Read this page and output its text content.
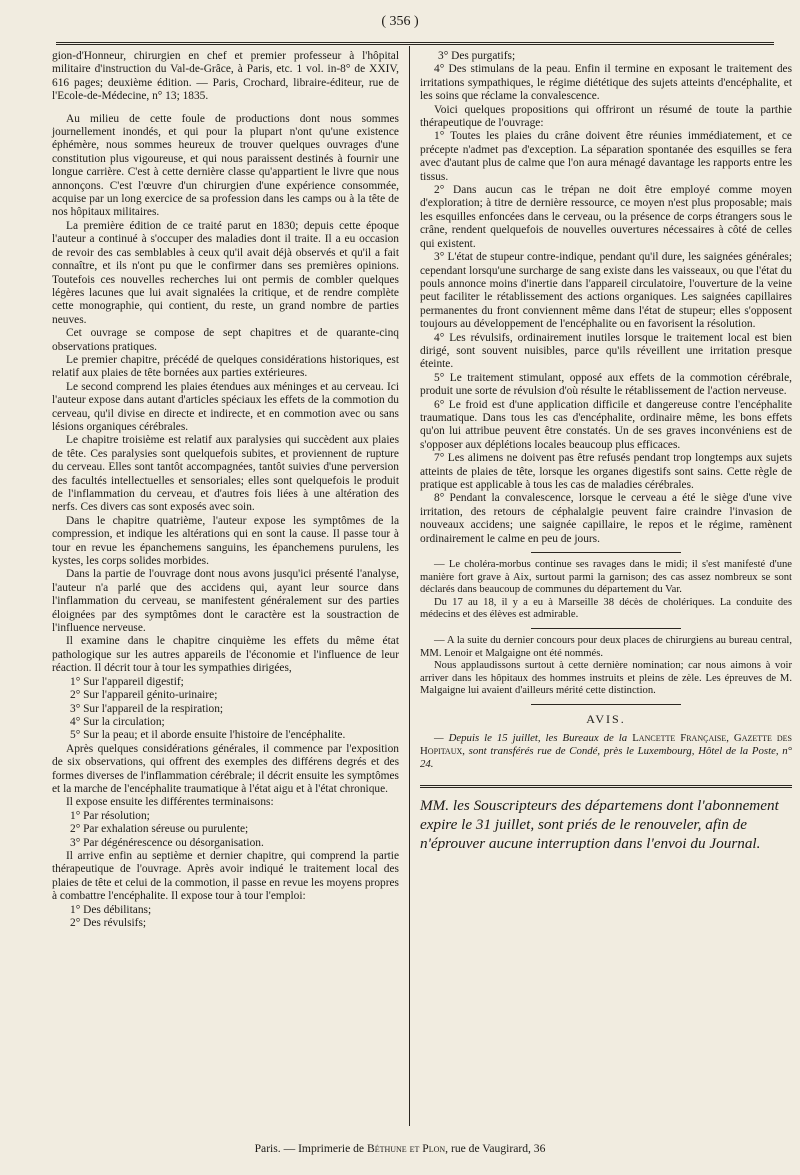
( 356 )

gion-d'Honneur, chirurgien en chef et premier professeur à l'hôpital militaire d'instruction du Val-de-Grâce, à Paris, etc. 1 vol. in-8° de XXIV, 616 pages; deuxième édition. — Paris, Crochard, libraire-éditeur, rue de l'Ecole-de-Médecine, n° 13; 1835.

Au milieu de cette foule de productions dont nous sommes journellement inondés, et qui pour la plupart n'ont qu'une existence éphémère, nous sommes heureux de trouver quelques ouvrages d'une constitution plus vigoureuse, et qui nous paraissent destinés à fournir une longue carrière. C'est à cette dernière classe qu'appartient le livre que nous annonçons. C'est l'œuvre d'un chirurgien d'une expérience consommée, acquise par un long exercice de sa profession dans les camps ou à la tête de nos hôpitaux militaires.

La première édition de ce traité parut en 1830; depuis cette époque l'auteur a continué à s'occuper des maladies dont il traite. Il a eu occasion de revoir des cas semblables à ceux qu'il avait déjà observés et qu'il a fait connaître, et ils n'ont pu que le confirmer dans ses premières opinions. Toutefois ces nouvelles recherches lui ont permis de combler quelques légères lacunes que lui avait signalées la critique, et de rendre complète cette monographie, qui contient, du reste, un grand nombre de parties neuves.

Cet ouvrage se compose de sept chapitres et de quarante-cinq observations pratiques.

Le premier chapitre, précédé de quelques considérations historiques, est relatif aux plaies de tête bornées aux parties extérieures.

Le second comprend les plaies étendues aux méninges et au cerveau. Ici l'auteur expose dans autant d'articles spéciaux les effets de la commotion du cerveau, qu'il divise en directe et indirecte, et en commotion avec ou sans lésions organiques cérébrales.

Le chapitre troisième est relatif aux paralysies qui succèdent aux plaies de tête. Ces paralysies sont quelquefois subites, et proviennent de rupture du cerveau. Elles sont tantôt accompagnées, tantôt suivies d'une perversion des facultés intellectuelles et sensoriales; elles sont quelquefois le produit de l'inflammation du cerveau, et d'autres fois liées à une altération des nerfs. Ces divers cas sont exposés avec soin.

Dans le chapitre quatrième, l'auteur expose les symptômes de la compression, et indique les altérations qui en sont la cause. Il passe tour à tour en revue les épanchemens sanguins, les épanchemens purulens, les kystes, les corps solides morbides.

Dans la partie de l'ouvrage dont nous avons jusqu'ici présenté l'analyse, l'auteur n'a parlé que des accidens qui, ayant leur source dans l'inflammation du cerveau, se manifestent généralement sur des parties éloignées par des symptômes dont le caractère est la soustraction de l'influence nerveuse.

Il examine dans le chapitre cinquième les effets du même état pathologique sur les autres appareils de l'économie et l'influence de leur réaction. Il décrit tour à tour les sympathies dirigées,

1° Sur l'appareil digestif;

2° Sur l'appareil génito-urinaire;

3° Sur l'appareil de la respiration;

4° Sur la circulation;

5° Sur la peau; et il aborde ensuite l'histoire de l'encéphalite.

Après quelques considérations générales, il commence par l'exposition de six observations, qui offrent des exemples des différens degrés et des formes diverses de l'inflammation cérébrale; il décrit ensuite les symptômes et la marche de l'encéphalite traumatique à l'état aigu et à l'état chronique.

Il expose ensuite les différentes terminaisons:

1° Par résolution;

2° Par exhalation séreuse ou purulente;

3° Par dégénérescence ou désorganisation.

Il arrive enfin au septième et dernier chapitre, qui comprend la partie thérapeutique de l'ouvrage. Après avoir indiqué le traitement local des plaies de tête et celui de la commotion, il passe en revue les moyens propres à combattre l'encéphalite. Il expose tour à tour l'emploi:

1° Des débilitans;

2° Des révulsifs;

3° Des purgatifs;

4° Des stimulans de la peau. Enfin il termine en exposant le traitement des irritations sympathiques, le régime diététique des sujets atteints d'encéphalite, et les soins que réclame la convalescence.

Voici quelques propositions qui offriront un résumé de toute la parthie thérapeutique de l'ouvrage:

1° Toutes les plaies du crâne doivent être réunies immédiatement, et ce précepte n'admet pas d'exception. La séparation spontanée des esquilles se fera avec d'autant plus de calme que l'on aura ménagé davantage les rapports entre les tissus.

2° Dans aucun cas le trépan ne doit être employé comme moyen d'exploration; à titre de dernière ressource, ce moyen n'est plus proposable; mais les esquilles enfoncées dans le cerveau, ou la présence de corps étrangers sous le crâne, rendent quelquefois de nouvelles ouvertures nécessaires à côté de celles qui existent.

3° L'état de stupeur contre-indique, pendant qu'il dure, les saignées générales; cependant lorsqu'une surcharge de sang existe dans les vaisseaux, ou que l'état du pouls annonce moins d'inertie dans l'appareil circulatoire, l'ouverture de la veine peut faciliter le rétablissement des actions organiques. Les saignées capillaires permanentes du front conviennent même dans l'état de stupeur; elles s'opposent toujours au développement de l'encéphalite ou en favorisent la résolution.

4° Les révulsifs, ordinairement inutiles lorsque le traitement local est bien dirigé, sont souvent nuisibles, parce qu'ils réveillent une irritation presque éteinte.

5° Le traitement stimulant, opposé aux effets de la commotion cérébrale, produit une sorte de révulsion d'où résulte le rétablissement de l'action nerveuse.

6° Le froid est d'une application difficile et dangereuse contre l'encéphalite traumatique. Dans tous les cas d'encéphalite, ordinaire même, les bons effets qu'on lui attribue peuvent être constatés. Un de ses graves inconvéniens est de s'opposer aux déplétions locales beaucoup plus efficaces.

7° Les alimens ne doivent pas être refusés pendant trop longtemps aux sujets atteints de plaies de tête, lorsque les organes digestifs sont sains. Cette règle de pratique est applicable à tous les cas de maladies cérébrales.

8° Pendant la convalescence, lorsque le cerveau a été le siège d'une vive irritation, des retours de céphalalgie peuvent faire craindre l'invasion de nouveaux accidens; une saignée capillaire, le repos et le régime, ramènent ordinairement le calme en peu de jours.

— Le choléra-morbus continue ses ravages dans le midi; il s'est manifesté d'une manière fort grave à Aix, surtout parmi la garnison; des cas assez nombreux se sont déclarés dans beaucoup de communes du département du Var.

Du 17 au 18, il y a eu à Marseille 38 décès de cholériques. La conduite des médecins et des élèves est admirable.

— A la suite du dernier concours pour deux places de chirurgiens au bureau central, MM. Lenoir et Malgaigne ont été nommés.

Nous applaudissons surtout à cette dernière nomination; car nous aimons à voir arriver dans les hôpitaux des hommes instruits et pleins de zèle. Les épreuves de M. Malgaigne lui avaient d'ailleurs mérité cette distinction.

AVIS.

— Depuis le 15 juillet, les Bureaux de la Lancette Française, Gazette des Hopitaux, sont transférés rue de Condé, près le Luxembourg, Hôtel de la Poste, n° 24.

MM. les Souscripteurs des départemens dont l'abonnement expire le 31 juillet, sont priés de le renouveler, afin de n'éprouver aucune interruption dans l'envoi du Journal.

Paris. — Imprimerie de Béthune et Plon, rue de Vaugirard, 36
